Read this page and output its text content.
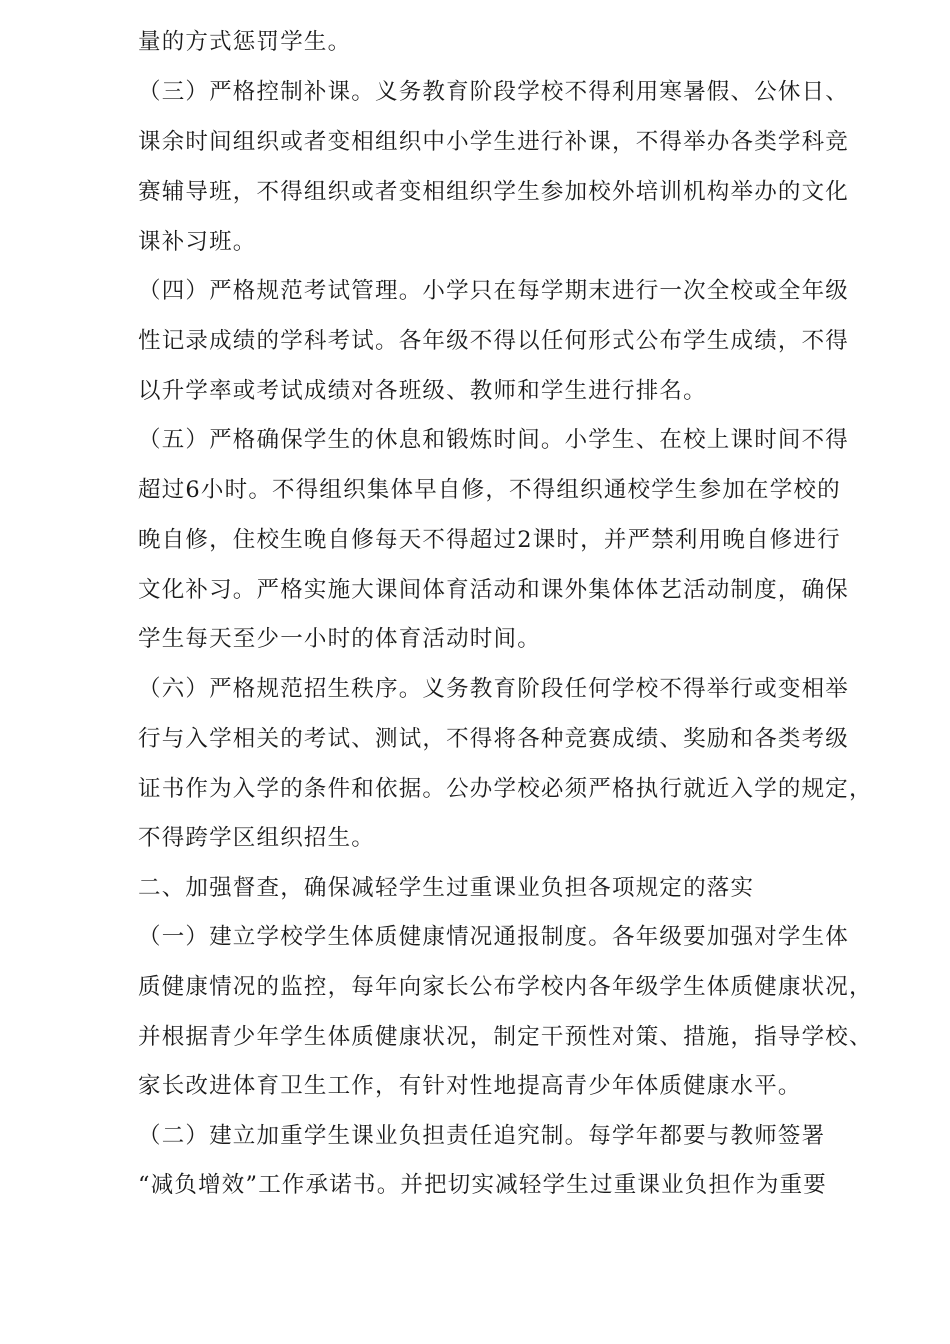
量的方式惩罚学生。

（三）严格控制补课。义务教育阶段学校不得利用寒暑假、公休日、

课余时间组织或者变相组织中小学生进行补课，不得举办各类学科竞

赛辅导班，不得组织或者变相组织学生参加校外培训机构举办的文化

课补习班。

（四）严格规范考试管理。小学只在每学期末进行一次全校或全年级

性记录成绩的学科考试。各年级不得以任何形式公布学生成绩，不得

以升学率或考试成绩对各班级、教师和学生进行排名。

（五）严格确保学生的休息和锻炼时间。小学生、在校上课时间不得

超过6小时。不得组织集体早自修，不得组织通校学生参加在学校的

晚自修，住校生晚自修每天不得超过2课时，并严禁利用晚自修进行

文化补习。严格实施大课间体育活动和课外集体体艺活动制度，确保

学生每天至少一小时的体育活动时间。

（六）严格规范招生秩序。义务教育阶段任何学校不得举行或变相举

行与入学相关的考试、测试，不得将各种竞赛成绩、奖励和各类考级

证书作为入学的条件和依据。公办学校必须严格执行就近入学的规定，

不得跨学区组织招生。

二、加强督查，确保减轻学生过重课业负担各项规定的落实

（一）建立学校学生体质健康情况通报制度。各年级要加强对学生体

质健康情况的监控，每年向家长公布学校内各年级学生体质健康状况，

并根据青少年学生体质健康状况，制定干预性对策、措施，指导学校、

家长改进体育卫生工作，有针对性地提高青少年体质健康水平。

（二）建立加重学生课业负担责任追究制。每学年都要与教师签署

“减负增效”工作承诺书。并把切实减轻学生过重课业负担作为重要
